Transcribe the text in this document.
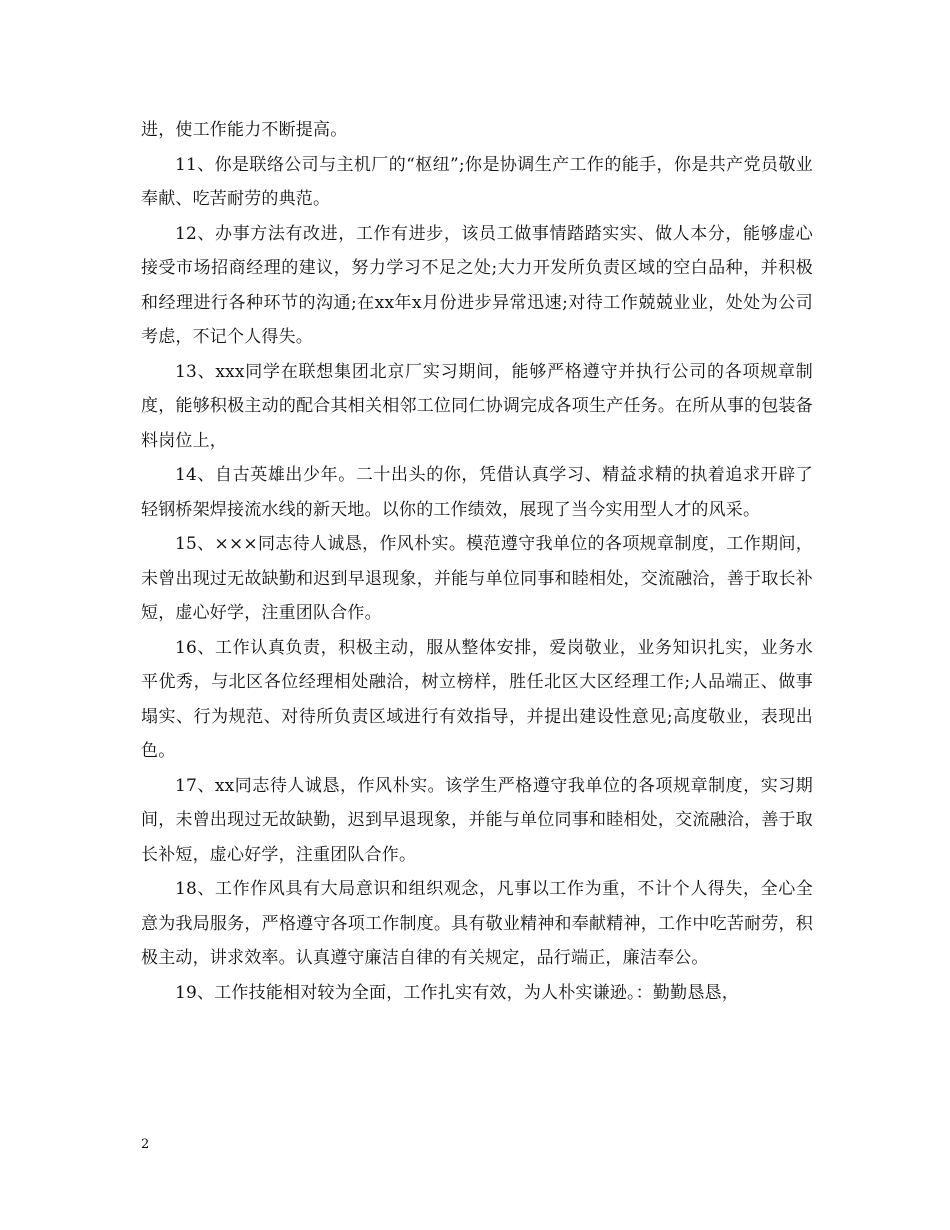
进，使工作能力不断提高。

11、你是联络公司与主机厂的“枢纽”;你是协调生产工作的能手，你是共产党员敬业奉献、吃苦耐劳的典范。

12、办事方法有改进，工作有进步，该员工做事情踏踏实实、做人本分，能够虚心接受市场招商经理的建议，努力学习不足之处;大力开发所负责区域的空白品种，并积极和经理进行各种环节的沟通;在xx年x月份进步异常迅速;对待工作兢兢业业，处处为公司考虑，不记个人得失。

13、xxx同学在联想集团北京厂实习期间，能够严格遵守并执行公司的各项规章制度，能够积极主动的配合其相关相邻工位同仁协调完成各项生产任务。在所从事的包装备料岗位上，

14、自古英雄出少年。二十出头的你，凭借认真学习、精益求精的执着追求开辟了轻钢桥架焊接流水线的新天地。以你的工作绩效，展现了当今实用型人才的风采。

15、×××同志待人诚恳，作风朴实。模范遵守我单位的各项规章制度，工作期间，未曾出现过无故缺勤和迟到早退现象，并能与单位同事和睦相处，交流融洽，善于取长补短，虚心好学，注重团队合作。

16、工作认真负责，积极主动，服从整体安排，爱岗敬业，业务知识扎实，业务水平优秀，与北区各位经理相处融洽，树立榜样，胜任北区大区经理工作;人品端正、做事塌实、行为规范、对待所负责区域进行有效指导，并提出建设性意见;高度敬业，表现出色。

17、xx同志待人诚恳，作风朴实。该学生严格遵守我单位的各项规章制度，实习期间，未曾出现过无故缺勤，迟到早退现象，并能与单位同事和睦相处，交流融洽，善于取长补短，虚心好学，注重团队合作。

18、工作作风具有大局意识和组织观念，凡事以工作为重，不计个人得失，全心全意为我局服务，严格遵守各项工作制度。具有敬业精神和奉献精神，工作中吃苦耐劳，积极主动，讲求效率。认真遵守廉洁自律的有关规定，品行端正，廉洁奉公。

19、工作技能相对较为全面，工作扎实有效，为人朴实谦逊。：勤勤恳恳，

2
